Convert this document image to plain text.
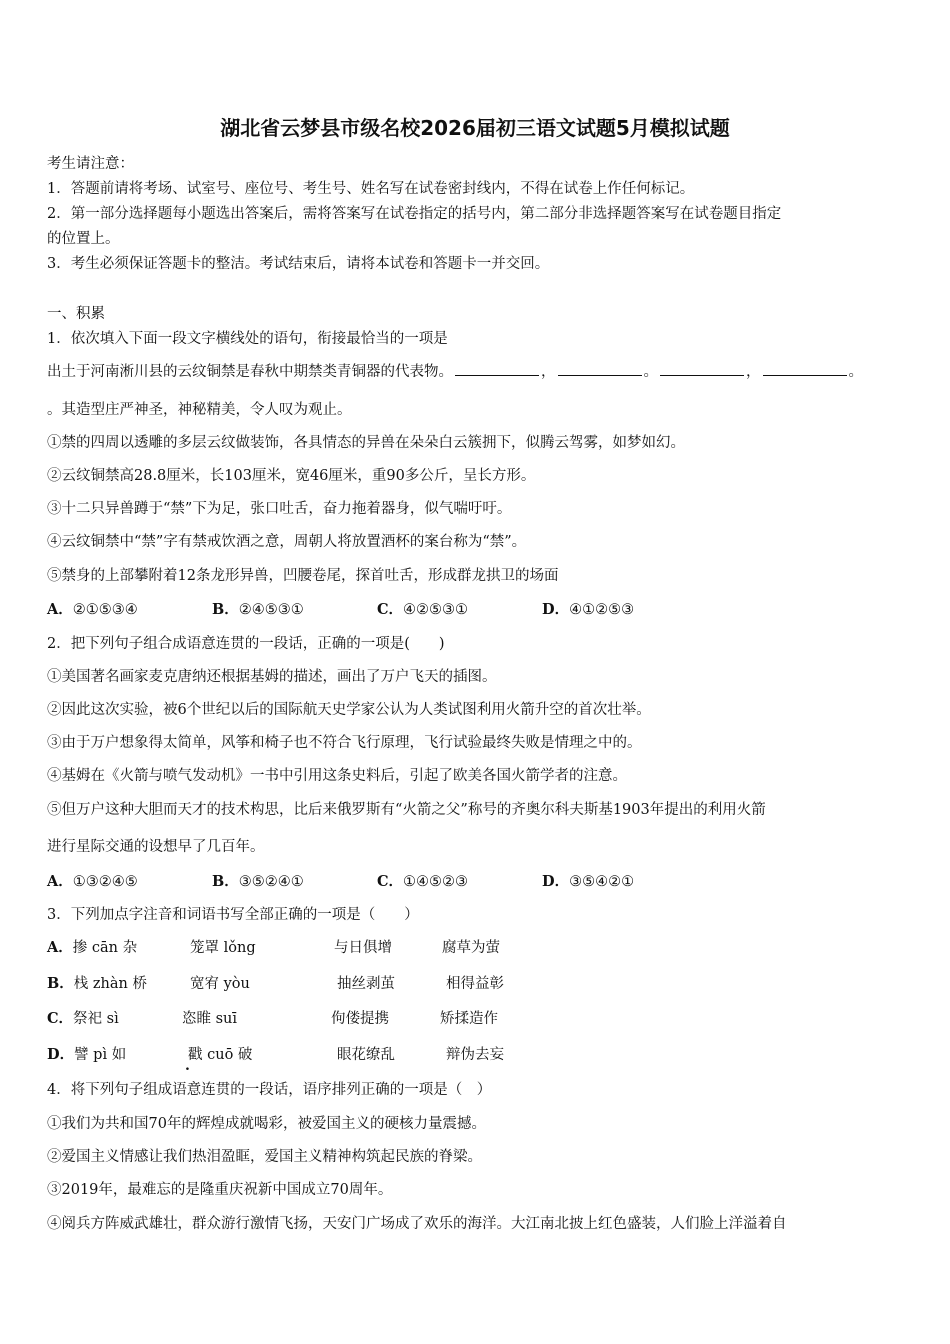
湖北省云梦县市级名校2026届初三语文试题5月模拟试题
考生请注意：
1．答题前请将考场、试室号、座位号、考生号、姓名写在试卷密封线内，不得在试卷上作任何标记。
2．第一部分选择题每小题选出答案后，需将答案写在试卷指定的括号内，第二部分非选择题答案写在试卷题目指定
的位置上。
3．考生必须保证答题卡的整洁。考试结束后，请将本试卷和答题卡一并交回。
一、积累
1．依次填入下面一段文字横线处的语句，衔接最恰当的一项是
出土于河南淅川县的云纹铜禁是春秋中期禁类青铜器的代表物。	，	。	，	。
。其造型庄严神圣，神秘精美，令人叹为观止。
①禁的四周以透雕的多层云纹做装饰，各具情态的异兽在朵朵白云簇拥下，似腾云驾雾，如梦如幻。
②云纹铜禁高28.8厘米，长103厘米，宽46厘米，重90多公斤，呈长方形。
③十二只异兽蹲于“禁”下为足，张口吐舌，奋力拖着器身，似气喘吁吁。
④云纹铜禁中“禁”字有禁戒饮酒之意，周朝人将放置酒杯的案台称为“禁”。
⑤禁身的上部攀附着12条龙形异兽，凹腰卷尾，探首吐舌，形成群龙拱卫的场面
A．②①⑤③④	B．②④⑤③①	C．④②⑤③①	D．④①②⑤③
2．把下列句子组合成语意连贯的一段话，正确的一项是(　　)
①美国著名画家麦克唐纳还根据基姆的描述，画出了万户飞天的插图。
②因此这次实验，被6个世纪以后的国际航天史学家公认为人类试图利用火箭升空的首次壮举。
③由于万户想象得太简单，风筝和椅子也不符合飞行原理，飞行试验最终失败是情理之中的。
④基姆在《火箭与喷气发动机》一书中引用这条史料后，引起了欧美各国火箭学者的注意。
⑤但万户这种大胆而天才的技术构思，比后来俄罗斯有“火箭之父”称号的齐奥尔科夫斯基1903年提出的利用火箭
进行星际交通的设想早了几百年。
A．①③②④⑤	B．③⑤②④①	C．①④⑤②③	D．③⑤④②①
3．下列加点字注音和词语书写全部正确的一项是（　　）
A．掺 cān 杂	笼罩 lǒng	与日俱增	腐草为萤
B．栈 zhàn 桥	宽宥 yòu	抽丝剥茧	相得益彰
C．祭祀 sì	恣睢 suī	佝偻提携	矫揉造作
D．譬 pì 如	戳 cuō 破 .	眼花缭乱	辩伪去妄
4．将下列句子组成语意连贯的一段话，语序排列正确的一项是（　）
①我们为共和国70年的辉煌成就喝彩，被爱国主义的硬核力量震撼。
②爱国主义情感让我们热泪盈眶，爱国主义精神构筑起民族的脊梁。
③2019年，最难忘的是隆重庆祝新中国成立70周年。
④阅兵方阵威武雄壮，群众游行激情飞扬，天安门广场成了欢乐的海洋。大江南北披上红色盛装，人们脸上洋溢着自
